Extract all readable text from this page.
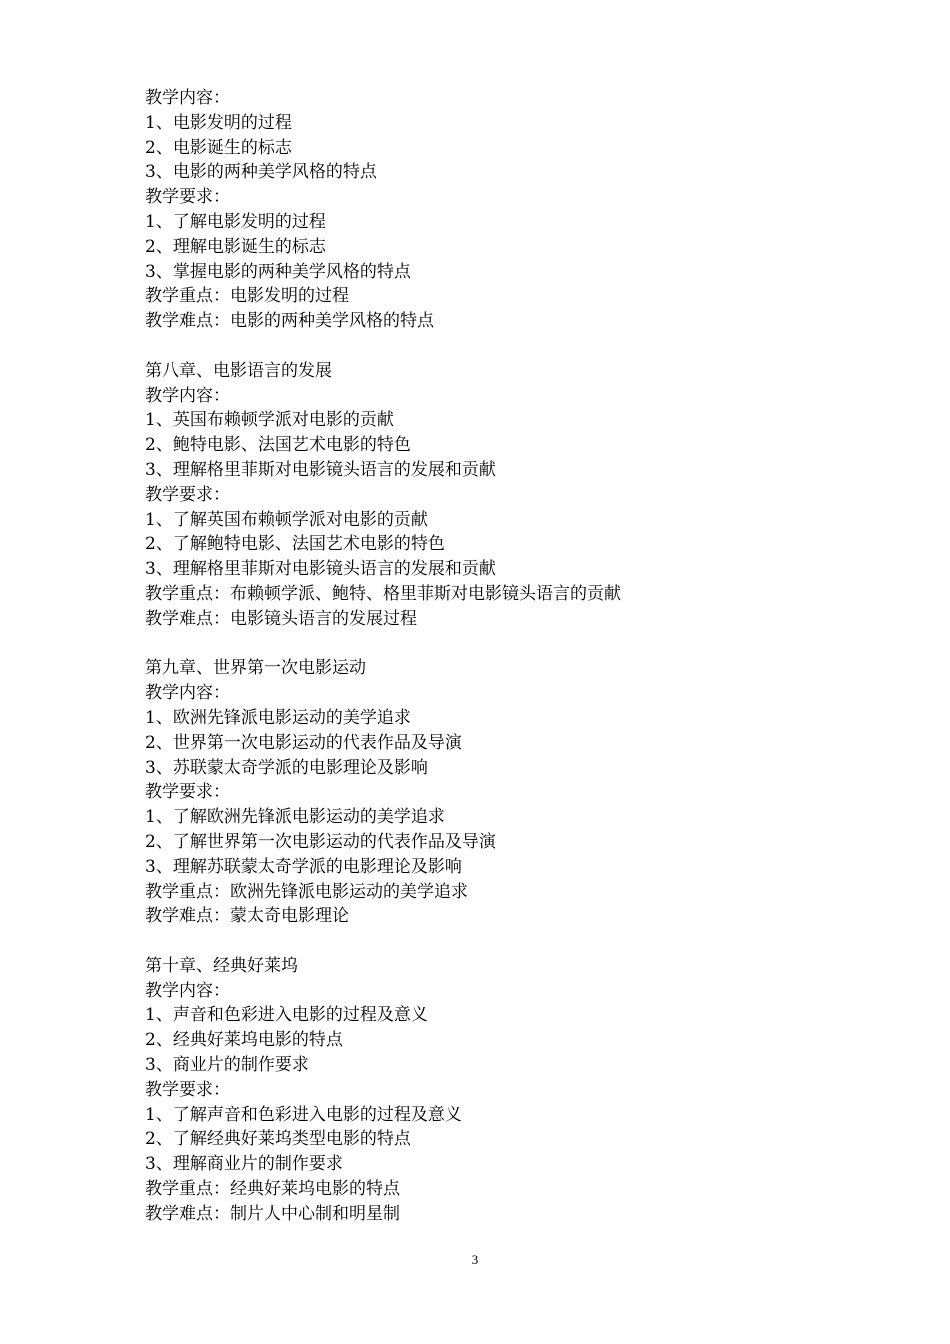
教学内容：
1、电影发明的过程
2、电影诞生的标志
3、电影的两种美学风格的特点
教学要求：
1、了解电影发明的过程
2、理解电影诞生的标志
3、掌握电影的两种美学风格的特点
教学重点：电影发明的过程
教学难点：电影的两种美学风格的特点
第八章、电影语言的发展
教学内容：
1、英国布赖顿学派对电影的贡献
2、鲍特电影、法国艺术电影的特色
3、理解格里菲斯对电影镜头语言的发展和贡献
教学要求：
1、了解英国布赖顿学派对电影的贡献
2、了解鲍特电影、法国艺术电影的特色
3、理解格里菲斯对电影镜头语言的发展和贡献
教学重点：布赖顿学派、鲍特、格里菲斯对电影镜头语言的贡献
教学难点：电影镜头语言的发展过程
第九章、世界第一次电影运动
教学内容：
1、欧洲先锋派电影运动的美学追求
2、世界第一次电影运动的代表作品及导演
3、苏联蒙太奇学派的电影理论及影响
教学要求：
1、了解欧洲先锋派电影运动的美学追求
2、了解世界第一次电影运动的代表作品及导演
3、理解苏联蒙太奇学派的电影理论及影响
教学重点：欧洲先锋派电影运动的美学追求
教学难点：蒙太奇电影理论
第十章、经典好莱坞
教学内容：
1、声音和色彩进入电影的过程及意义
2、经典好莱坞电影的特点
3、商业片的制作要求
教学要求：
1、了解声音和色彩进入电影的过程及意义
2、了解经典好莱坞类型电影的特点
3、理解商业片的制作要求
教学重点：经典好莱坞电影的特点
教学难点：制片人中心制和明星制
3
